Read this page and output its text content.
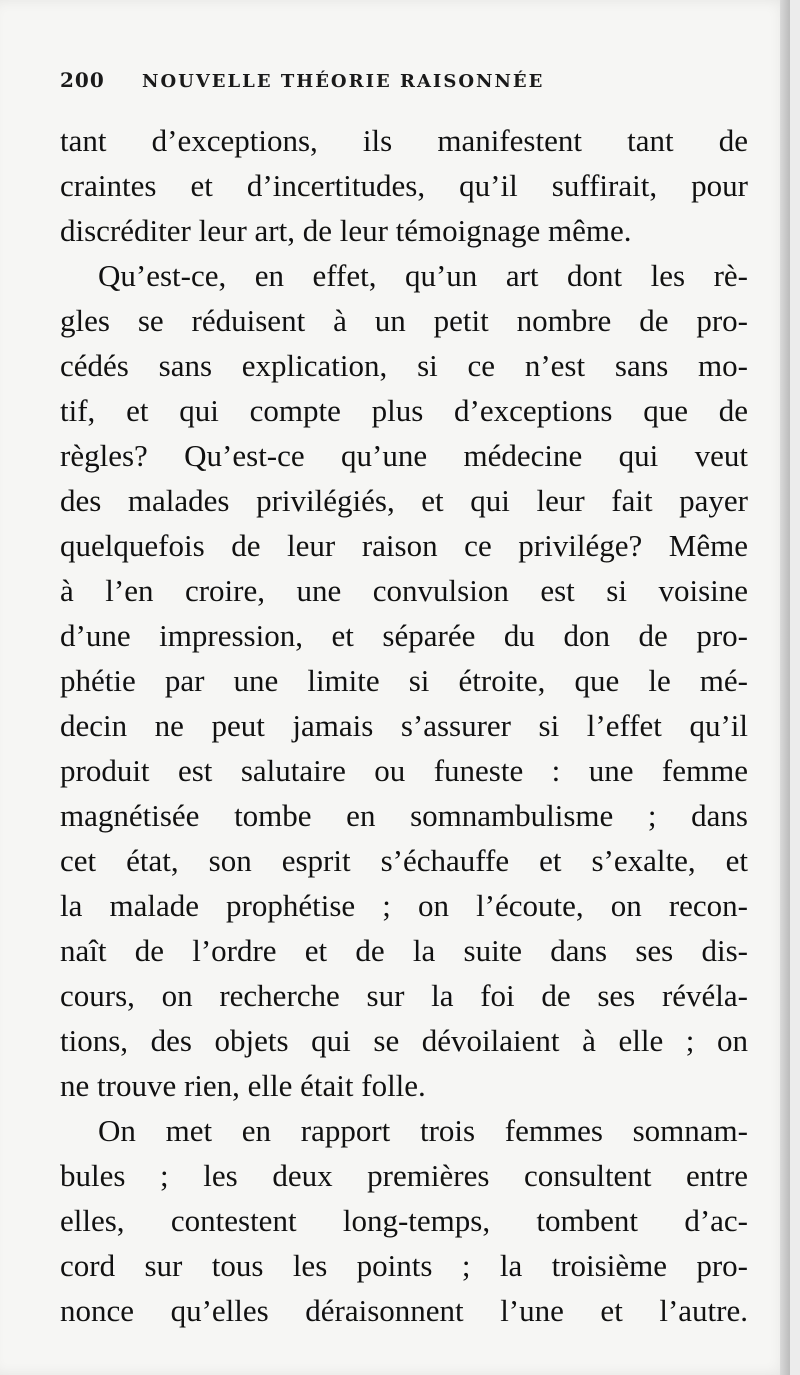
200 NOUVELLE THÉORIE RAISONNÉE
tant d’exceptions, ils manifestent tant de
craintes et d’incertitudes, qu’il suffirait, pour
discréditer leur art, de leur témoignage même.
Qu’est-ce, en effet, qu’un art dont les rè-
gles se réduisent à un petit nombre de pro-
cédés sans explication, si ce n’est sans mo-
tif, et qui compte plus d’exceptions que de
règles? Qu’est-ce qu’une médecine qui veut
des malades privilégiés, et qui leur fait payer
quelquefois de leur raison ce privilége? Même
à l’en croire, une convulsion est si voisine
d’une impression, et séparée du don de pro-
phétie par une limite si étroite, que le mé-
decin ne peut jamais s’assurer si l’effet qu’il
produit est salutaire ou funeste : une femme
magnétisée tombe en somnambulisme ; dans
cet état, son esprit s’échauffe et s’exalte, et
la malade prophétise ; on l’écoute, on recon-
naît de l’ordre et de la suite dans ses dis-
cours, on recherche sur la foi de ses révéla-
tions, des objets qui se dévoilaient à elle ; on
ne trouve rien, elle était folle.
On met en rapport trois femmes somnam-
bules ; les deux premières consultent entre
elles, contestent long-temps, tombent d’ac-
cord sur tous les points ; la troisième pro-
nonce qu’elles déraisonnent l’une et l’autre.
